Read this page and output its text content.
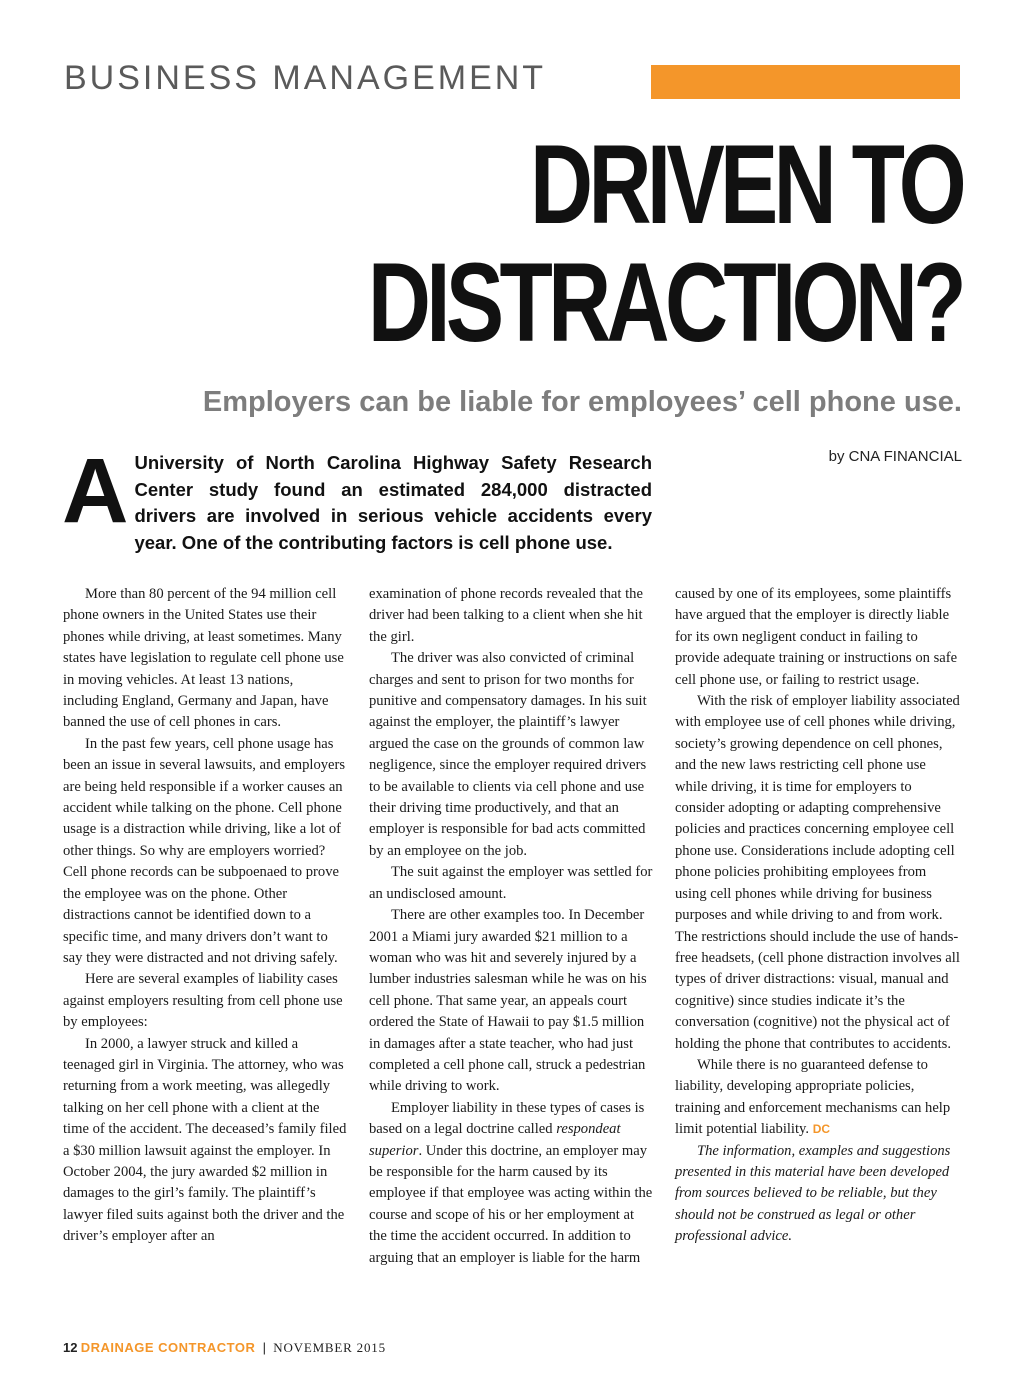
BUSINESS MANAGEMENT
DRIVEN TO
DISTRACTION?
Employers can be liable for employees’ cell phone use.
by CNA FINANCIAL
A University of North Carolina Highway Safety Research Center study found an estimated 284,000 distracted drivers are involved in serious vehicle accidents every year. One of the contributing factors is cell phone use.

More than 80 percent of the 94 million cell phone owners in the United States use their phones while driving, at least sometimes. Many states have legislation to regulate cell phone use in moving vehicles. At least 13 nations, including England, Germany and Japan, have banned the use of cell phones in cars.

In the past few years, cell phone usage has been an issue in several lawsuits, and employers are being held responsible if a worker causes an accident while talking on the phone. Cell phone usage is a distraction while driving, like a lot of other things. So why are employers worried? Cell phone records can be subpoenaed to prove the employee was on the phone. Other distractions cannot be identified down to a specific time, and many drivers don’t want to say they were distracted and not driving safely.

Here are several examples of liability cases against employers resulting from cell phone use by employees:

In 2000, a lawyer struck and killed a teenaged girl in Virginia. The attorney, who was returning from a work meeting, was allegedly talking on her cell phone with a client at the time of the accident. The deceased’s family filed a $30 million lawsuit against the employer. In October 2004, the jury awarded $2 million in damages to the girl’s family. The plaintiff’s lawyer filed suits against both the driver and the driver’s employer after an

examination of phone records revealed that the driver had been talking to a client when she hit the girl.

The driver was also convicted of criminal charges and sent to prison for two months for punitive and compensatory damages. In his suit against the employer, the plaintiff’s lawyer argued the case on the grounds of common law negligence, since the employer required drivers to be available to clients via cell phone and use their driving time productively, and that an employer is responsible for bad acts committed by an employee on the job.

The suit against the employer was settled for an undisclosed amount.

There are other examples too. In December 2001 a Miami jury awarded $21 million to a woman who was hit and severely injured by a lumber industries salesman while he was on his cell phone. That same year, an appeals court ordered the State of Hawaii to pay $1.5 million in damages after a state teacher, who had just completed a cell phone call, struck a pedestrian while driving to work.

Employer liability in these types of cases is based on a legal doctrine called respondeat superior. Under this doctrine, an employer may be responsible for the harm caused by its employee if that employee was acting within the course and scope of his or her employment at the time the accident occurred. In addition to arguing that an employer is liable for the harm

caused by one of its employees, some plaintiffs have argued that the employer is directly liable for its own negligent conduct in failing to provide adequate training or instructions on safe cell phone use, or failing to restrict usage.

With the risk of employer liability associated with employee use of cell phones while driving, society’s growing dependence on cell phones, and the new laws restricting cell phone use while driving, it is time for employers to consider adopting or adapting comprehensive policies and practices concerning employee cell phone use. Considerations include adopting cell phone policies prohibiting employees from using cell phones while driving for business purposes and while driving to and from work. The restrictions should include the use of hands-free headsets, (cell phone distraction involves all types of driver distractions: visual, manual and cognitive) since studies indicate it’s the conversation (cognitive) not the physical act of holding the phone that contributes to accidents.

While there is no guaranteed defense to liability, developing appropriate policies, training and enforcement mechanisms can help limit potential liability. DC

The information, examples and suggestions presented in this material have been developed from sources believed to be reliable, but they should not be construed as legal or other professional advice.

12 DRAINAGE CONTRACTOR | NOVEMBER 2015
